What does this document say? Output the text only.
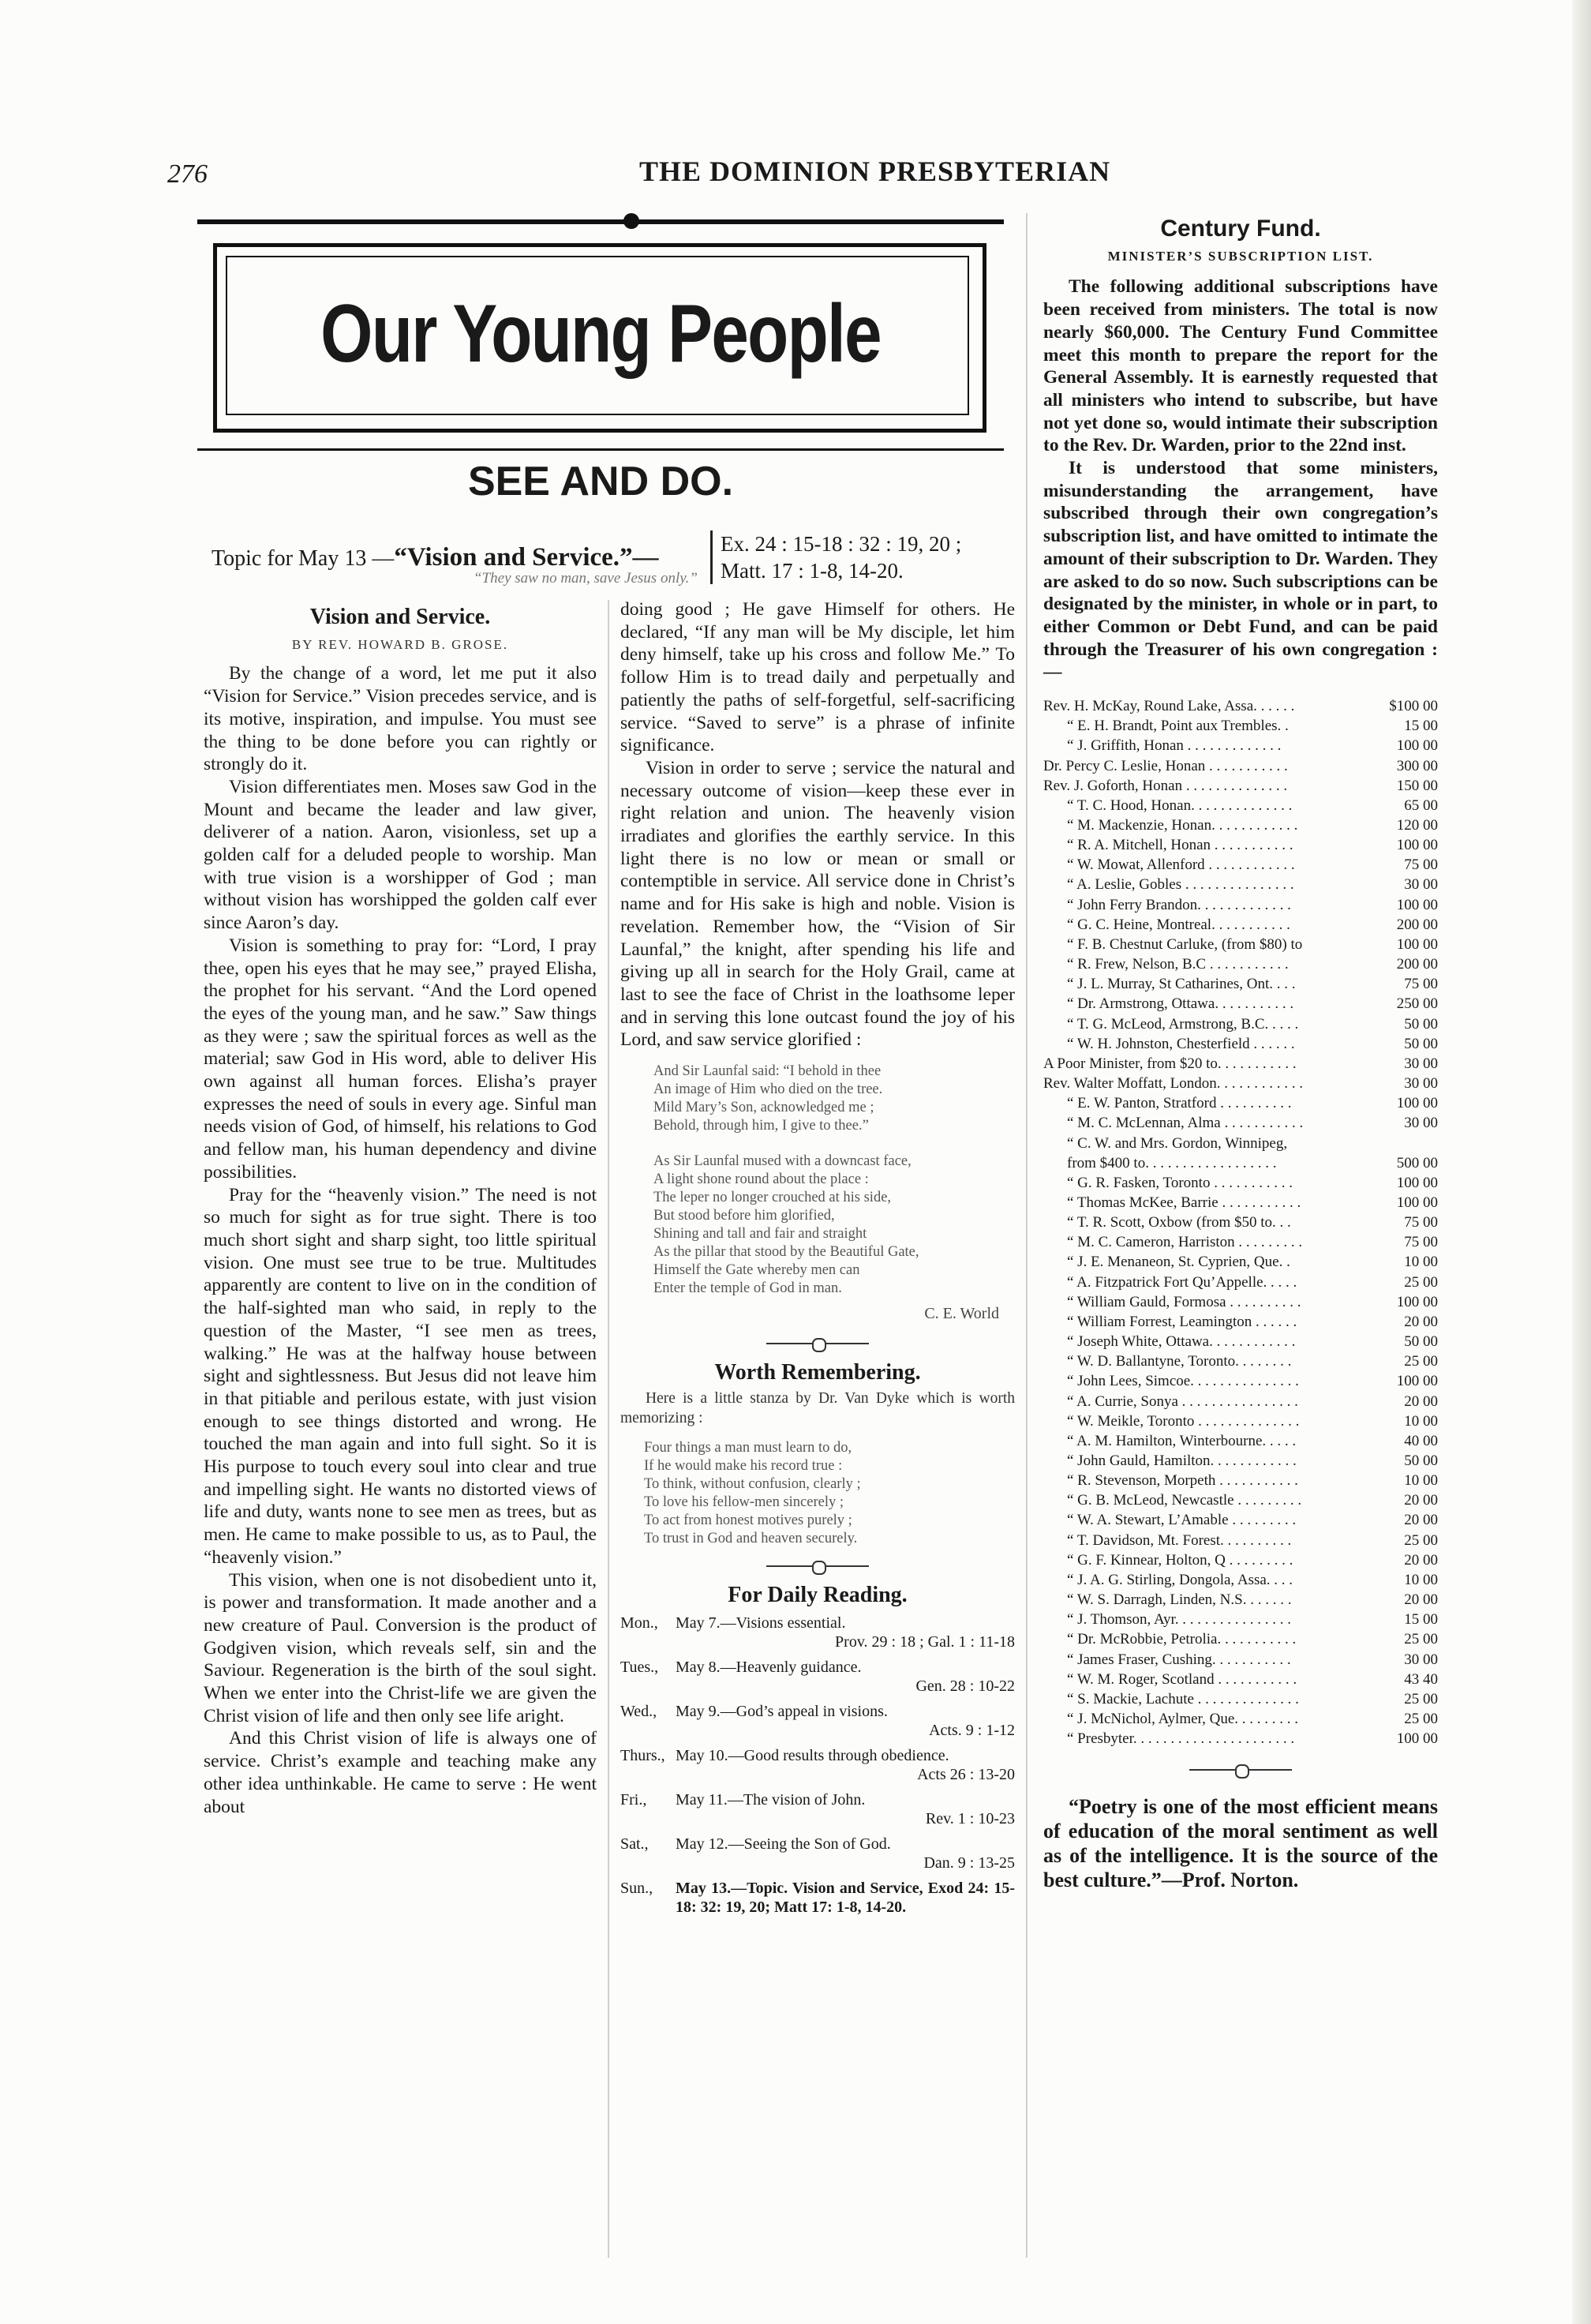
276	THE DOMINION PRESBYTERIAN
Our Young People
SEE AND DO.
Topic for May 13 —“Vision and Service.”—	Ex. 24 : 15-18 : 32 : 19, 20 ;
Matt. 17 : 1-8, 14-20.
“They saw no man, save Jesus only.”
Vision and Service.
BY REV. HOWARD B. GROSE.

By the change of a word, let me put it also “Vision for Service.” Vision precedes service, and is its motive, inspiration, and impulse. You must see the thing to be done before you can rightly or strongly do it.

Vision differentiates men. Moses saw God in the Mount and became the leader and law giver, deliverer of a nation. Aaron, visionless, set up a golden calf for a deluded people to worship. Man with true vision is a worshipper of God ; man without vision has worshipped the golden calf ever since Aaron’s day.

Vision is something to pray for: “Lord, I pray thee, open his eyes that he may see,” prayed Elisha, the prophet for his servant. “And the Lord opened the eyes of the young man, and he saw.” Saw things as they were ; saw the spiritual forces as well as the material; saw God in His word, able to deliver His own against all human forces. Elisha’s prayer expresses the need of souls in every age. Sinful man needs vision of God, of himself, his relations to God and fellow man, his human dependency and divine possibilities.

Pray for the “heavenly vision.” The need is not so much for sight as for true sight. There is too much short sight and sharp sight, too little spiritual vision. One must see true to be true. Multitudes apparently are content to live on in the condition of the half-sighted man who said, in reply to the question of the Master, “I see men as trees, walking.” He was at the halfway house between sight and sightlessness. But Jesus did not leave him in that pitiable and perilous estate, with just vision enough to see things distorted and wrong. He touched the man again and into full sight. So it is His purpose to touch every soul into clear and true and impelling sight. He wants no distorted views of life and duty, wants none to see men as trees, but as men. He came to make possible to us, as to Paul, the “heavenly vision.”

This vision, when one is not disobedient unto it, is power and transformation. It made another and a new creature of Paul. Conversion is the product of Godgiven vision, which reveals self, sin and the Saviour. Regeneration is the birth of the soul sight. When we enter into the Christ-life we are given the Christ vision of life and then only see life aright.

And this Christ vision of life is always one of service. Christ’s example and teaching make any other idea unthinkable. He came to serve : He went about

doing good ; He gave Himself for others. He declared, “If any man will be My disciple, let him deny himself, take up his cross and follow Me.” To follow Him is to tread daily and perpetually and patiently the paths of self-forgetful, self-sacrificing service. “Saved to serve” is a phrase of infinite significance.

Vision in order to serve ; service the natural and necessary outcome of vision—keep these ever in right relation and union. The heavenly vision irradiates and glorifies the earthly service. In this light there is no low or mean or small or contemptible in service. All service done in Christ’s name and for His sake is high and noble. Vision is revelation. Remember how, the “Vision of Sir Launfal,” the knight, after spending his life and giving up all in search for the Holy Grail, came at last to see the face of Christ in the loathsome leper and in serving this lone outcast found the joy of his Lord, and saw service glorified :

And Sir Launfal said: “I behold in thee
An image of Him who died on the tree.
Mild Mary’s Son, acknowledged me ;
Behold, through him, I give to thee.”
As Sir Launfal mused with a downcast face,
A light shone round about the place :
The leper no longer crouched at his side,
But stood before him glorified,
Shining and tall and fair and straight
As the pillar that stood by the Beautiful Gate,
Himself the Gate whereby men can
Enter the temple of God in man.
C. E. World
Worth Remembering.

Here is a little stanza by Dr. Van Dyke which is worth memorizing :

Four things a man must learn to do,
If he would make his record true :
To think, without confusion, clearly ;
To love his fellow-men sincerely ;
To act from honest motives purely ;
To trust in God and heaven securely.
For Daily Reading.
Mon.,	May 7.—Visions essential.
Prov. 29 : 18 ; Gal. 1 : 11-18
Tues.,	May 8.—Heavenly guidance.
Gen. 28 : 10-22
Wed.,	May 9.—God’s appeal in visions.
Acts. 9 : 1-12
Thurs., May 10.—Good results through obedience.
Acts 26 : 13-20
Fri.,	May 11.—The vision of John.
Rev. 1 : 10-23
Sat.,	May 12.—Seeing the Son of God.
Dan. 9 : 13-25
Sun.,	May 13.—Topic. Vision and Service, Exod 24: 15-18: 32: 19, 20; Matt 17: 1-8, 14-20.
Century Fund.
MINISTER’S SUBSCRIPTION LIST.

The following additional subscriptions have been received from ministers. The total is now nearly $60,000. The Century Fund Committee meet this month to prepare the report for the General Assembly. It is earnestly requested that all ministers who intend to subscribe, but have not yet done so, would intimate their subscription to the Rev. Dr. Warden, prior to the 22nd inst.

It is understood that some ministers, misunderstanding the arrangement, have subscribed through their own congregation’s subscription list, and have omitted to intimate the amount of their subscription to Dr. Warden. They are asked to do so now. Such subscriptions can be designated by the minister, in whole or in part, to either Common or Debt Fund, and can be paid through the Treasurer of his own congregation :—

Rev. H. McKay, Round Lake, Assa. . . . . .	$100 00
“ E. H. Brandt, Point aux Trembles. .	15 00
“ J. Griffith, Honan . . . . . . . . . . . . .	100 00
Dr. Percy C. Leslie, Honan . . . . . . . . . . .	300 00
Rev. J. Goforth, Honan . . . . . . . . . . . . . .	150 00
“ T. C. Hood, Honan. . . . . . . . . . . . . .	65 00
“ M. Mackenzie, Honan. . . . . . . . . . . .	120 00
“ R. A. Mitchell, Honan . . . . . . . . . . .	100 00
“ W. Mowat, Allenford . . . . . . . . . . . .	75 00
“ A. Leslie, Gobles . . . . . . . . . . . . . . .	30 00
“ John Ferry Brandon. . . . . . . . . . . . .	100 00
“ G. C. Heine, Montreal. . . . . . . . . . .	200 00
“ F. B. Chestnut Carluke, (from $80) to	100 00
“ R. Frew, Nelson, B.C . . . . . . . . . . .	200 00
“ J. L. Murray, St Catharines, Ont. . . .	75 00
“ Dr. Armstrong, Ottawa. . . . . . . . . . .	250 00
“ T. G. McLeod, Armstrong, B.C. . . . .	50 00
“ W. H. Johnston, Chesterfield . . . . . .	50 00
A Poor Minister, from $20 to. . . . . . . . . . .	30 00
Rev. Walter Moffatt, London. . . . . . . . . . . .	30 00
“ E. W. Panton, Stratford . . . . . . . . . .	100 00
“ M. C. McLennan, Alma . . . . . . . . . . .	30 00
“ C. W. and Mrs. Gordon, Winnipeg,
from $400 to. . . . . . . . . . . . . . . . . .	500 00
“ G. R. Fasken, Toronto . . . . . . . . . . .	100 00
“ Thomas McKee, Barrie . . . . . . . . . . .	100 00
“ T. R. Scott, Oxbow (from $50 to. . .	75 00
“ M. C. Cameron, Harriston . . . . . . . . .	75 00
“ J. E. Menaneon, St. Cyprien, Que. .	10 00
“ A. Fitzpatrick Fort Qu’Appelle. . . . .	25 00
“ William Gauld, Formosa . . . . . . . . . .	100 00
“ William Forrest, Leamington . . . . . .	20 00
“ Joseph White, Ottawa. . . . . . . . . . . .	50 00
“ W. D. Ballantyne, Toronto. . . . . . . .	25 00
“ John Lees, Simcoe. . . . . . . . . . . . . . .	100 00
“ A. Currie, Sonya . . . . . . . . . . . . . . . .	20 00
“ W. Meikle, Toronto . . . . . . . . . . . . . .	10 00
“ A. M. Hamilton, Winterbourne. . . . .	40 00
“ John Gauld, Hamilton. . . . . . . . . . . .	50 00
“ R. Stevenson, Morpeth . . . . . . . . . . .	10 00
“ G. B. McLeod, Newcastle . . . . . . . . .	20 00
“ W. A. Stewart, L’Amable . . . . . . . . .	20 00
“ T. Davidson, Mt. Forest. . . . . . . . . .	25 00
“ G. F. Kinnear, Holton, Q . . . . . . . . .	20 00
“ J. A. G. Stirling, Dongola, Assa. . . .	10 00
“ W. S. Darragh, Linden, N.S. . . . . . .	20 00
“ J. Thomson, Ayr. . . . . . . . . . . . . . . .	15 00
“ Dr. McRobbie, Petrolia. . . . . . . . . . .	25 00
“ James Fraser, Cushing. . . . . . . . . . .	30 00
“ W. M. Roger, Scotland . . . . . . . . . . .	43 40
“ S. Mackie, Lachute . . . . . . . . . . . . . .	25 00
“ J. McNichol, Aylmer, Que. . . . . . . . .	25 00
“ Presbyter. . . . . . . . . . . . . . . . . . . . . .	100 00

“Poetry is one of the most efficient means of education of the moral sentiment as well as of the intelligence. It is the source of the best culture.”—Prof. Norton.
